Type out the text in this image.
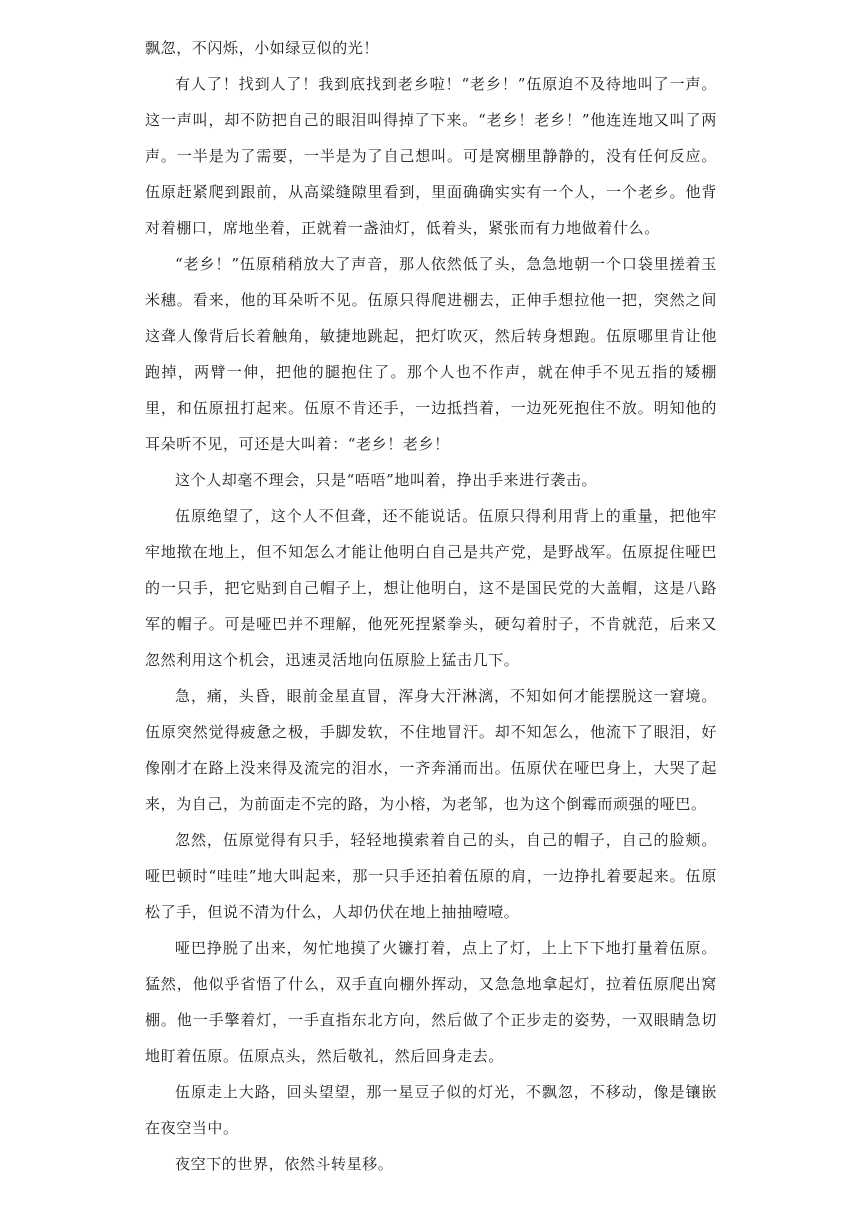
飘忽，不闪烁，小如绿豆似的光！

有人了！找到人了！我到底找到老乡啦！“老乡！”伍原迫不及待地叫了一声。这一声叫，却不防把自己的眼泪叫得掉了下来。“老乡！老乡！”他连连地又叫了两声。一半是为了需要，一半是为了自己想叫。可是窝棚里静静的，没有任何反应。伍原赶紧爬到跟前，从高粱缝隙里看到，里面确确实实有一个人，一个老乡。他背对着棚口，席地坐着，正就着一盏油灯，低着头，紧张而有力地做着什么。

“老乡！”伍原稍稍放大了声音，那人依然低了头，急急地朝一个口袋里搓着玉米穗。看来，他的耳朵听不见。伍原只得爬进棚去，正伸手想拉他一把，突然之间这聋人像背后长着触角，敏捷地跳起，把灯吹灭，然后转身想跑。伍原哪里肯让他跑掉，两臂一伸，把他的腿抱住了。那个人也不作声，就在伸手不见五指的矮棚里，和伍原扭打起来。伍原不肯还手，一边抵挡着，一边死死抱住不放。明知他的耳朵听不见，可还是大叫着：“老乡！老乡！

这个人却毫不理会，只是“唔唔”地叫着，挣出手来进行袭击。

伍原绝望了，这个人不但聋，还不能说话。伍原只得利用背上的重量，把他牢牢地揿在地上，但不知怎么才能让他明白自己是共产党，是野战军。伍原捉住哑巴的一只手，把它贴到自己帽子上，想让他明白，这不是国民党的大盖帽，这是八路军的帽子。可是哑巴并不理解，他死死捏紧拳头，硬勾着肘子，不肯就范，后来又忽然利用这个机会，迅速灵活地向伍原脸上猛击几下。

急，痛，头昏，眼前金星直冒，浑身大汗淋漓，不知如何才能摆脱这一窘境。伍原突然觉得疲惫之极，手脚发软，不住地冒汗。却不知怎么，他流下了眼泪，好像刚才在路上没来得及流完的泪水，一齐奔涌而出。伍原伏在哑巴身上，大哭了起来，为自己，为前面走不完的路，为小榕，为老邹，也为这个倒霉而顽强的哑巴。

忽然，伍原觉得有只手，轻轻地摸索着自己的头，自己的帽子，自己的脸颊。哑巴顿时“哇哇”地大叫起来，那一只手还拍着伍原的肩，一边挣扎着要起来。伍原松了手，但说不清为什么，人却仍伏在地上抽抽噎噎。

哑巴挣脱了出来，匆忙地摸了火镰打着，点上了灯，上上下下地打量着伍原。猛然，他似乎省悟了什么，双手直向棚外挥动，又急急地拿起灯，拉着伍原爬出窝棚。他一手擎着灯，一手直指东北方向，然后做了个正步走的姿势，一双眼睛急切地盯着伍原。伍原点头，然后敬礼，然后回身走去。

伍原走上大路，回头望望，那一星豆子似的灯光，不飘忽，不移动，像是镶嵌在夜空当中。

夜空下的世界，依然斗转星移。
